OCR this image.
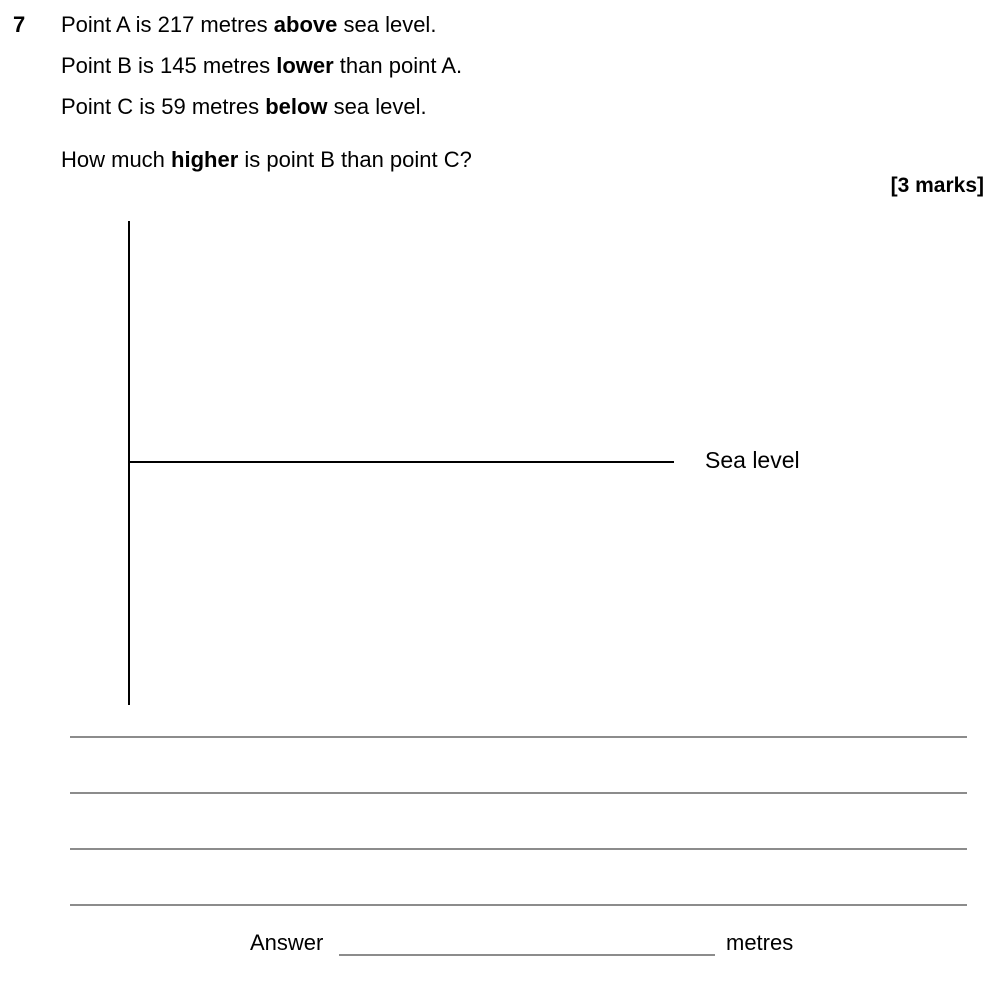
7 Point A is 217 metres above sea level.
Point B is 145 metres lower than point A.
Point C is 59 metres below sea level.
How much higher is point B than point C?
[3 marks]
Sea level
Answer	metres
